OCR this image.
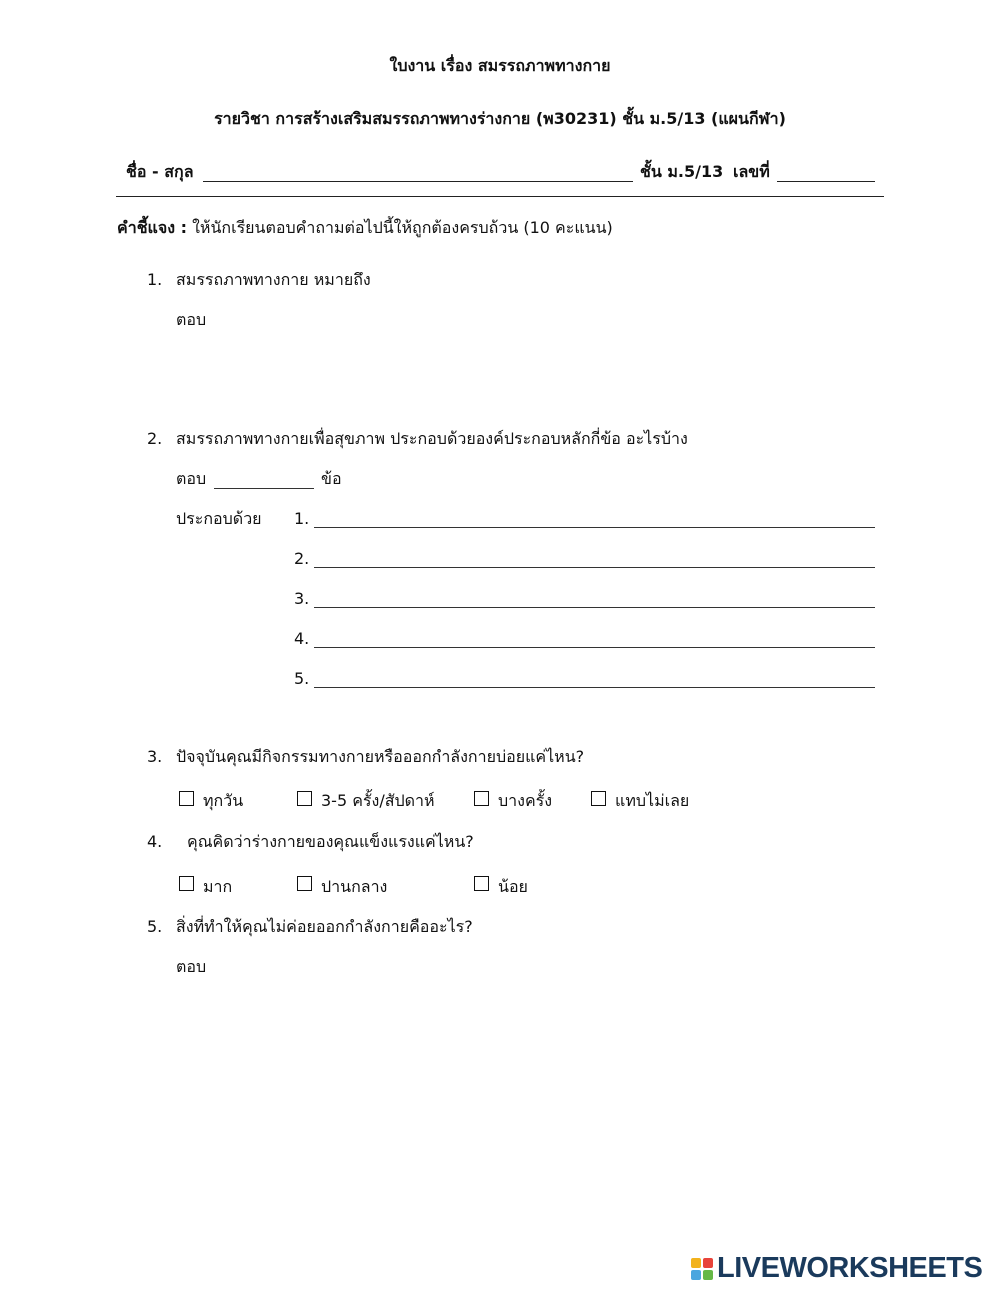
ใบงาน เรื่อง สมรรถภาพทางกาย
รายวิชา การสร้างเสริมสมรรถภาพทางร่างกาย (พ30231) ชั้น ม.5/13 (แผนกีฬา)
ชื่อ - สกุล	ชั้น ม.5/13 เลขที่
คำชี้แจง : ให้นักเรียนตอบคำถามต่อไปนี้ให้ถูกต้องครบถ้วน (10 คะแนน)
1. สมรรถภาพทางกาย หมายถึง
ตอบ
2. สมรรถภาพทางกายเพื่อสุขภาพ ประกอบด้วยองค์ประกอบหลักกี่ข้อ อะไรบ้าง
ตอบ	ข้อ
ประกอบด้วย 1.
2.
3.
4.
5.
3. ปัจจุบันคุณมีกิจกรรมทางกายหรือออกกำลังกายบ่อยแค่ไหน?
ทุกวัน	3-5 ครั้ง/สัปดาห์	บางครั้ง	แทบไม่เลย
4. คุณคิดว่าร่างกายของคุณแข็งแรงแค่ไหน?
มาก	ปานกลาง	น้อย
5. สิ่งที่ทำให้คุณไม่ค่อยออกกำลังกายคืออะไร?
ตอบ
LIVEWORKSHEETS
